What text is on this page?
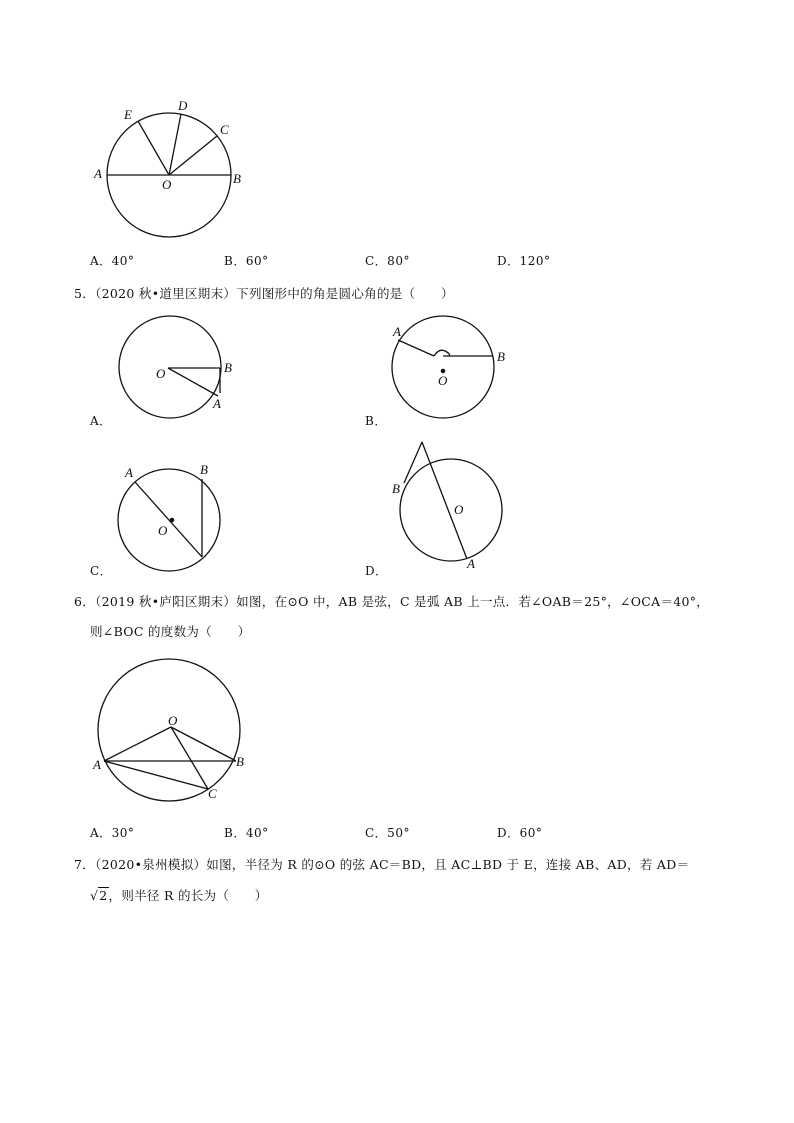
A	B
E
D
C
O
A．40°	B．60°	C．80°	D．120°
5．（2020 秋•道里区期末）下列图形中的角是圆心角的是（　　）
O	B
A
A．
A
B
O
B．
A	B
O
C．
B
O
A
D．
6．（2019 秋•庐阳区期末）如图，在⊙O 中，AB 是弦，C 是弧 AB 上一点．若∠OAB＝25°，∠OCA＝40°，
则∠BOC 的度数为（　　）
O
A	B
C
A．30°	B．40°	C．50°	D．60°
7．（2020•泉州模拟）如图，半径为 R 的⊙O 的弦 AC＝BD，且 AC⊥BD 于 E，连接 AB、AD，若 AD＝
√2，则半径 R 的长为（　　）
